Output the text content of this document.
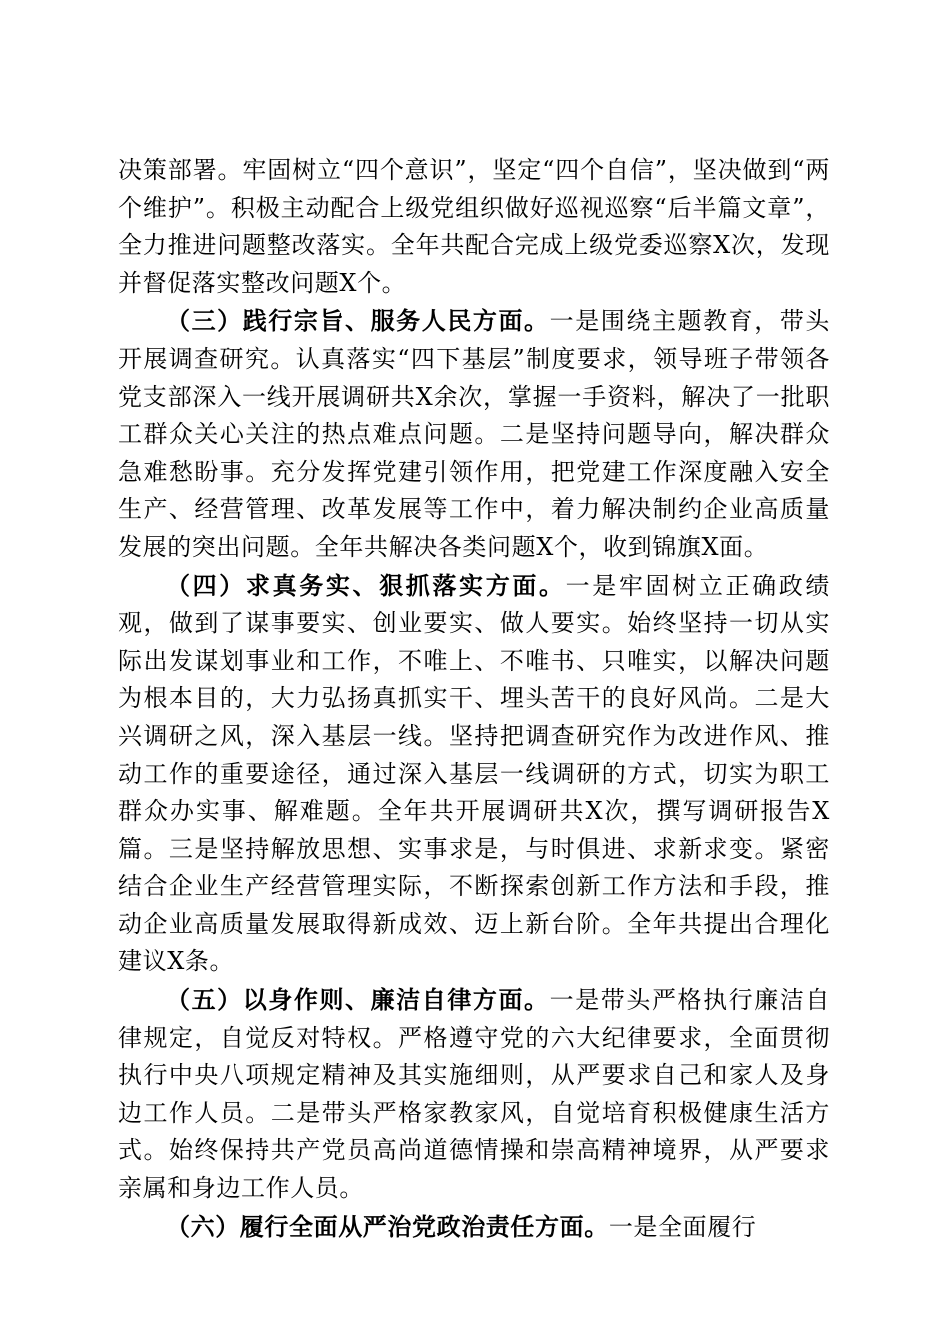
决策部署。牢固树立“四个意识”，坚定“四个自信”，坚决做到“两个维护”。积极主动配合上级党组织做好巡视巡察“后半篇文章”，全力推进问题整改落实。全年共配合完成上级党委巡察X次，发现并督促落实整改问题X个。

（三）践行宗旨、服务人民方面。一是围绕主题教育，带头开展调查研究。认真落实“四下基层”制度要求，领导班子带领各党支部深入一线开展调研共X余次，掌握一手资料，解决了一批职工群众关心关注的热点难点问题。二是坚持问题导向，解决群众急难愁盼事。充分发挥党建引领作用，把党建工作深度融入安全生产、经营管理、改革发展等工作中，着力解决制约企业高质量发展的突出问题。全年共解决各类问题X个，收到锦旗X面。

（四）求真务实、狠抓落实方面。一是牢固树立正确政绩观，做到了谋事要实、创业要实、做人要实。始终坚持一切从实际出发谋划事业和工作，不唯上、不唯书、只唯实，以解决问题为根本目的，大力弘扬真抓实干、埋头苦干的良好风尚。二是大兴调研之风，深入基层一线。坚持把调查研究作为改进作风、推动工作的重要途径，通过深入基层一线调研的方式，切实为职工群众办实事、解难题。全年共开展调研共X次，撰写调研报告X篇。三是坚持解放思想、实事求是，与时俱进、求新求变。紧密结合企业生产经营管理实际，不断探索创新工作方法和手段，推动企业高质量发展取得新成效、迈上新台阶。全年共提出合理化建议X条。

（五）以身作则、廉洁自律方面。一是带头严格执行廉洁自律规定，自觉反对特权。严格遵守党的六大纪律要求，全面贯彻执行中央八项规定精神及其实施细则，从严要求自己和家人及身边工作人员。二是带头严格家教家风，自觉培育积极健康生活方式。始终保持共产党员高尚道德情操和崇高精神境界，从严要求亲属和身边工作人员。

（六）履行全面从严治党政治责任方面。一是全面履行
